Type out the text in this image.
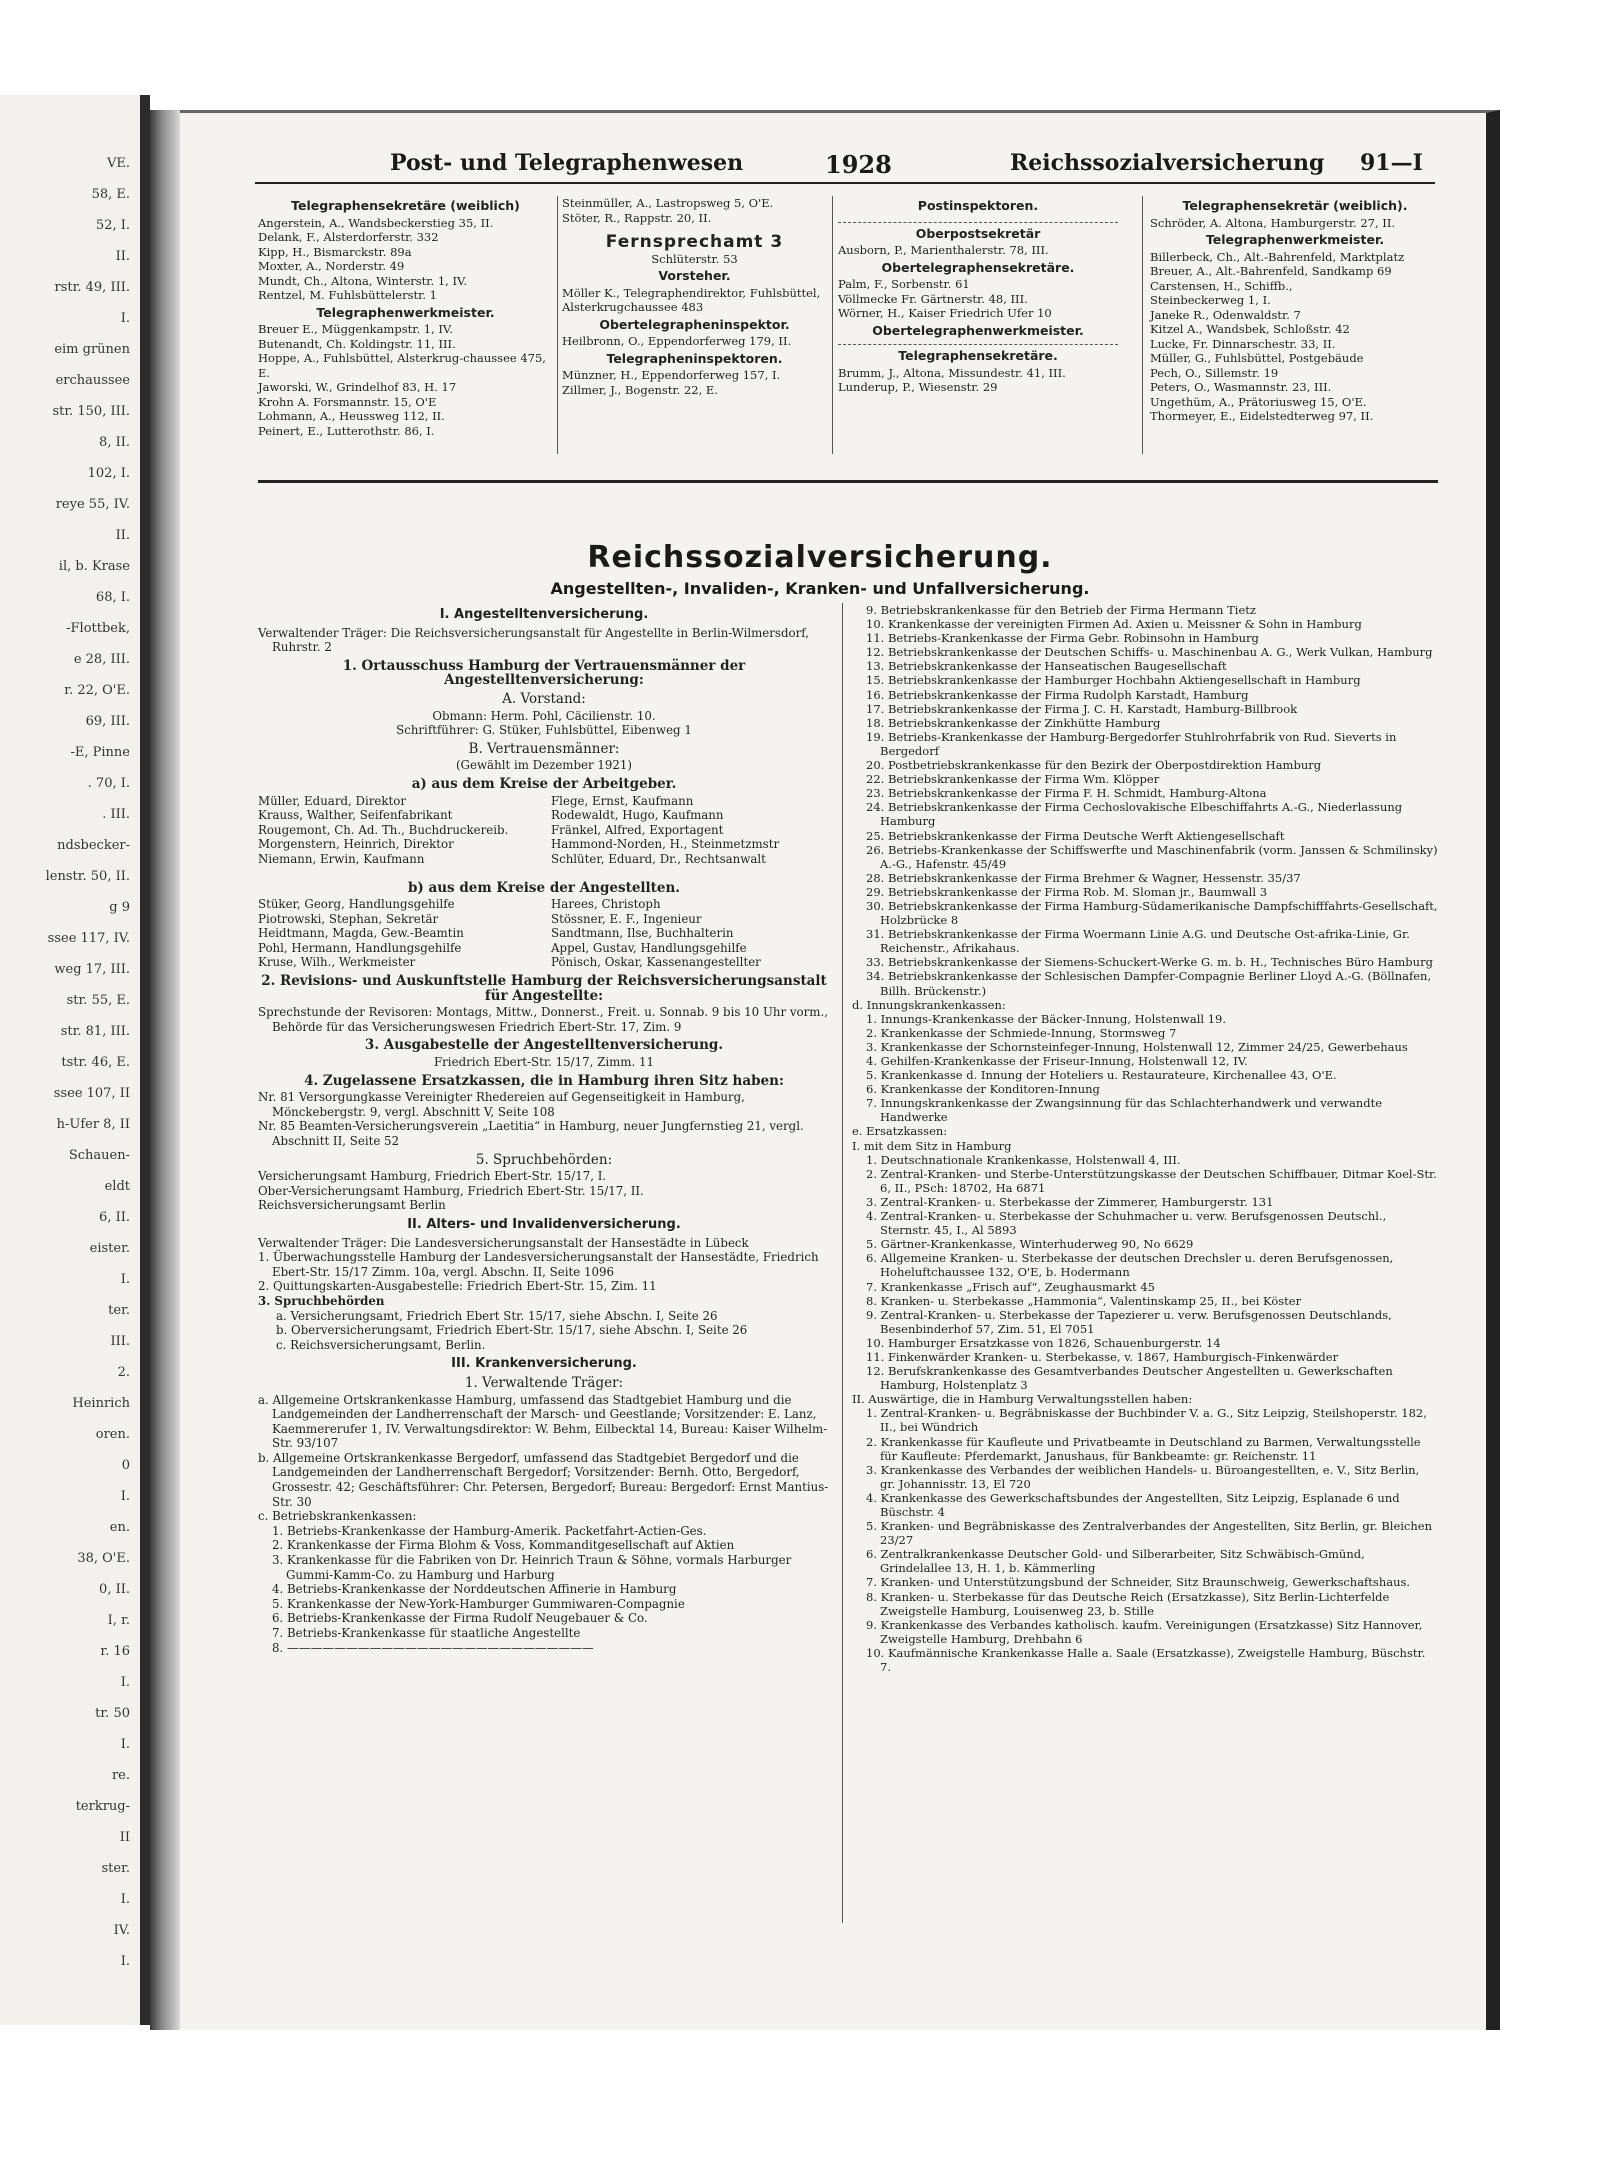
VE.
58, E.
52, I.
II.
rstr. 49, III.
I.
eim grünen
erchaussee
str. 150, III.
8, II.
102, I.
reye 55, IV.
II.
il, b. Krase
68, I.
-Flottbek,
e 28, III.
r. 22, O'E.
69, III.
-E, Pinne
. 70, I.
. III.
ndsbecker-
lenstr. 50, II.
g 9
ssee 117, IV.
weg 17, III.
str. 55, E.
str. 81, III.
tstr. 46, E.
ssee 107, II
h-Ufer 8, II
Schauen-
eldt
6, II.
eister.
I.
ter.
III.
2.
Heinrich
oren.
0
I.
en.
38, O'E.
0, II.
I, r.
r. 16
I.
tr. 50
I.
re.
terkrug-
II
ster.
I.
IV.
I.
Post- und Telegraphenwesen	1928	Reichssozialversicherung 91—I
Telegraphensekretäre (weiblich)
Angerstein, A., Wandsbeckerstieg 35, II.
Delank, F., Alsterdorferstr. 332
Kipp, H., Bismarckstr. 89a
Moxter, A., Norderstr. 49
Mundt, Ch., Altona, Winterstr. 1, IV.
Rentzel, M. Fuhlsbüttelerstr. 1
Telegraphenwerkmeister.
Breuer E., Müggenkampstr. 1, IV.
Butenandt, Ch. Koldingstr. 11, III.
Hoppe, A., Fuhlsbüttel, Alsterkrug-chaussee 475, E.
Jaworski, W., Grindelhof 83, H. 17
Krohn A. Forsmannstr. 15, O'E
Lohmann, A., Heussweg 112, II.
Peinert, E., Lutterothstr. 86, I.
Steinmüller, A., Lastropsweg 5, O'E.
Stöter, R., Rappstr. 20, II.
Fernsprechamt 3
Schlüterstr. 53
Vorsteher.
Möller K., Telegraphendirektor, Fuhlsbüttel, Alsterkrugchaussee 483
Obertelegrapheninspektor.
Heilbronn, O., Eppendorferweg 179, II.
Telegrapheninspektoren.
Münzner, H., Eppendorferweg 157, I.
Zillmer, J., Bogenstr. 22, E.
Postinspektoren.
Oberpostsekretär
Ausborn, P., Marienthalerstr. 78, III.
Obertelegraphensekretäre.
Palm, F., Sorbenstr. 61
Völlmecke Fr. Gärtnerstr. 48, III.
Wörner, H., Kaiser Friedrich Ufer 10
Obertelegraphenwerkmeister.
Telegraphensekretäre.
Brumm, J., Altona, Missundestr. 41, III.
Lunderup, P., Wiesenstr. 29
Telegraphensekretär (weiblich).
Schröder, A. Altona, Hamburgerstr. 27, II.
Telegraphenwerkmeister.
Billerbeck, Ch., Alt.-Bahrenfeld, Marktplatz
Breuer, A., Alt.-Bahrenfeld, Sandkamp 69
Carstensen, H., Schiffb.,
Steinbeckerweg 1, I.
Janeke R., Odenwaldstr. 7
Kitzel A., Wandsbek, Schloßstr. 42
Lucke, Fr. Dinnarschestr. 33, II.
Müller, G., Fuhlsbüttel, Postgebäude
Pech, O., Sillemstr. 19
Peters, O., Wasmannstr. 23, III.
Ungethüm, A., Prätoriusweg 15, O'E.
Thormeyer, E., Eidelstedterweg 97, II.
Reichssozialversicherung.
Angestellten-, Invaliden-, Kranken- und Unfallversicherung.
I. Angestelltenversicherung.
Verwaltender Träger: Die Reichsversicherungsanstalt für Angestellte in Berlin-Wilmersdorf, Ruhrstr. 2
1. Ortausschuss Hamburg der Vertrauensmänner der Angestelltenversicherung:
A. Vorstand:
Obmann: Herm. Pohl, Cäcilienstr. 10.
Schriftführer: G. Stüker, Fuhlsbüttel, Eibenweg 1
B. Vertrauensmänner:
(Gewählt im Dezember 1921)
a) aus dem Kreise der Arbeitgeber.
Müller, Eduard, Direktor
Krauss, Walther, Seifenfabrikant
Rougemont, Ch. Ad. Th., Buchdruckereib.
Morgenstern, Heinrich, Direktor
Niemann, Erwin, Kaufmann
Flege, Ernst, Kaufmann
Rodewaldt, Hugo, Kaufmann
Fränkel, Alfred, Exportagent
Hammond-Norden, H., Steinmetzmstr
Schlüter, Eduard, Dr., Rechtsanwalt
b) aus dem Kreise der Angestellten.
Stüker, Georg, Handlungsgehilfe
Piotrowski, Stephan, Sekretär
Heidtmann, Magda, Gew.-Beamtin
Pohl, Hermann, Handlungsgehilfe
Kruse, Wilh., Werkmeister
Harees, Christoph
Stössner, E. F., Ingenieur
Sandtmann, Ilse, Buchhalterin
Appel, Gustav, Handlungsgehilfe
Pönisch, Oskar, Kassenangestellter
2. Revisions- und Auskunftstelle Hamburg der Reichsversicherungsanstalt für Angestellte:
Sprechstunde der Revisoren: Montags, Mittw., Donnerst., Freit. u. Sonnab. 9 bis 10 Uhr vorm., Behörde für das Versicherungswesen Friedrich Ebert-Str. 17, Zim. 9
3. Ausgabestelle der Angestelltenversicherung.
Friedrich Ebert-Str. 15/17, Zimm. 11
4. Zugelassene Ersatzkassen, die in Hamburg ihren Sitz haben:
Nr. 81 Versorgungkasse Vereinigter Rhedereien auf Gegenseitigkeit in Hamburg, Mönckebergstr. 9, vergl. Abschnitt V, Seite 108
Nr. 85 Beamten-Versicherungsverein „Laetitia“ in Hamburg, neuer Jungfernstieg 21, vergl. Abschnitt II, Seite 52
5. Spruchbehörden:
Versicherungsamt Hamburg, Friedrich Ebert-Str. 15/17, I.
Ober-Versicherungsamt Hamburg, Friedrich Ebert-Str. 15/17, II.
Reichsversicherungsamt Berlin
II. Alters- und Invalidenversicherung.
Verwaltender Träger: Die Landesversicherungsanstalt der Hansestädte in Lübeck
1. Überwachungsstelle Hamburg der Landesversicherungsanstalt der Hansestädte, Friedrich Ebert-Str. 15/17 Zimm. 10a, vergl. Abschn. II, Seite 1096
2. Quittungskarten-Ausgabestelle: Friedrich Ebert-Str. 15, Zim. 11
3. Spruchbehörden
a. Versicherungsamt, Friedrich Ebert Str. 15/17, siehe Abschn. I, Seite 26
b. Oberversicherungsamt, Friedrich Ebert-Str. 15/17, siehe Abschn. I, Seite 26
c. Reichsversicherungsamt, Berlin.
III. Krankenversicherung.
1. Verwaltende Träger:
a. Allgemeine Ortskrankenkasse Hamburg, umfassend das Stadtgebiet Hamburg und die Landgemeinden der Landherrenschaft der Marsch- und Geestlande; Vorsitzender: E. Lanz, Kaemmererufer 1, IV. Verwaltungsdirektor: W. Behm, Eilbecktal 14, Bureau: Kaiser Wilhelm-Str. 93/107
b. Allgemeine Ortskrankenkasse Bergedorf, umfassend das Stadtgebiet Bergedorf und die Landgemeinden der Landherrenschaft Bergedorf; Vorsitzender: Bernh. Otto, Bergedorf, Grossestr. 42; Geschäftsführer: Chr. Petersen, Bergedorf; Bureau: Bergedorf: Ernst Mantius-Str. 30
c. Betriebskrankenkassen:
1. Betriebs-Krankenkasse der Hamburg-Amerik. Packetfahrt-Actien-Ges.
2. Krankenkasse der Firma Blohm & Voss, Kommanditgesellschaft auf Aktien
3. Krankenkasse für die Fabriken von Dr. Heinrich Traun & Söhne, vormals Harburger Gummi-Kamm-Co. zu Hamburg und Harburg
4. Betriebs-Krankenkasse der Norddeutschen Affinerie in Hamburg
5. Krankenkasse der New-York-Hamburger Gummiwaren-Compagnie
6. Betriebs-Krankenkasse der Firma Rudolf Neugebauer & Co.
7. Betriebs-Krankenkasse für staatliche Angestellte
8. ——————————————————————————
9. Betriebskrankenkasse für den Betrieb der Firma Hermann Tietz
10. Krankenkasse der vereinigten Firmen Ad. Axien u. Meissner & Sohn in Hamburg
11. Betriebs-Krankenkasse der Firma Gebr. Robinsohn in Hamburg
12. Betriebskrankenkasse der Deutschen Schiffs- u. Maschinenbau A. G., Werk Vulkan, Hamburg
13. Betriebskrankenkasse der Hanseatischen Baugesellschaft
15. Betriebskrankenkasse der Hamburger Hochbahn Aktiengesellschaft in Hamburg
16. Betriebskrankenkasse der Firma Rudolph Karstadt, Hamburg
17. Betriebskrankenkasse der Firma J. C. H. Karstadt, Hamburg-Billbrook
18. Betriebskrankenkasse der Zinkhütte Hamburg
19. Betriebs-Krankenkasse der Hamburg-Bergedorfer Stuhlrohrfabrik von Rud. Sieverts in Bergedorf
20. Postbetriebskrankenkasse für den Bezirk der Oberpostdirektion Hamburg
22. Betriebskrankenkasse der Firma Wm. Klöpper
23. Betriebskrankenkasse der Firma F. H. Schmidt, Hamburg-Altona
24. Betriebskrankenkasse der Firma Cechoslovakische Elbeschiffahrts A.-G., Niederlassung Hamburg
25. Betriebskrankenkasse der Firma Deutsche Werft Aktiengesellschaft
26. Betriebs-Krankenkasse der Schiffswerfte und Maschinenfabrik (vorm. Janssen & Schmilinsky) A.-G., Hafenstr. 45/49
28. Betriebskrankenkasse der Firma Brehmer & Wagner, Hessenstr. 35/37
29. Betriebskrankenkasse der Firma Rob. M. Sloman jr., Baumwall 3
30. Betriebskrankenkasse der Firma Hamburg-Südamerikanische Dampfschifffahrts-Gesellschaft, Holzbrücke 8
31. Betriebskrankenkasse der Firma Woermann Linie A.G. und Deutsche Ost-afrika-Linie, Gr. Reichenstr., Afrikahaus.
33. Betriebskrankenkasse der Siemens-Schuckert-Werke G. m. b. H., Technisches Büro Hamburg
34. Betriebskrankenkasse der Schlesischen Dampfer-Compagnie Berliner Lloyd A.-G. (Böllnafen, Billh. Brückenstr.)
d. Innungskrankenkassen:
1. Innungs-Krankenkasse der Bäcker-Innung, Holstenwall 19.
2. Krankenkasse der Schmiede-Innung, Stormsweg 7
3. Krankenkasse der Schornsteinfeger-Innung, Holstenwall 12, Zimmer 24/25, Gewerbehaus
4. Gehilfen-Krankenkasse der Friseur-Innung, Holstenwall 12, IV.
5. Krankenkasse d. Innung der Hoteliers u. Restaurateure, Kirchenallee 43, O'E.
6. Krankenkasse der Konditoren-Innung
7. Innungskrankenkasse der Zwangsinnung für das Schlachterhandwerk und verwandte Handwerke
e. Ersatzkassen:
I. mit dem Sitz in Hamburg
1. Deutschnationale Krankenkasse, Holstenwall 4, III.
2. Zentral-Kranken- und Sterbe-Unterstützungskasse der Deutschen Schiffbauer, Ditmar Koel-Str. 6, II., PSch: 18702, Ha 6871
3. Zentral-Kranken- u. Sterbekasse der Zimmerer, Hamburgerstr. 131
4. Zentral-Kranken- u. Sterbekasse der Schuhmacher u. verw. Berufsgenossen Deutschl., Sternstr. 45, I., Al 5893
5. Gärtner-Krankenkasse, Winterhuderweg 90, No 6629
6. Allgemeine Kranken- u. Sterbekasse der deutschen Drechsler u. deren Berufsgenossen, Hoheluftchaussee 132, O'E, b. Hodermann
7. Krankenkasse „Frisch auf“, Zeughausmarkt 45
8. Kranken- u. Sterbekasse „Hammonia“, Valentinskamp 25, II., bei Köster
9. Zentral-Kranken- u. Sterbekasse der Tapezierer u. verw. Berufsgenossen Deutschlands, Besenbinderhof 57, Zim. 51, El 7051
10. Hamburger Ersatzkasse von 1826, Schauenburgerstr. 14
11. Finkenwärder Kranken- u. Sterbekasse, v. 1867, Hamburgisch-Finkenwärder
12. Berufskrankenkasse des Gesamtverbandes Deutscher Angestellten u. Gewerkschaften Hamburg, Holstenplatz 3
II. Auswärtige, die in Hamburg Verwaltungsstellen haben:
1. Zentral-Kranken- u. Begräbniskasse der Buchbinder V. a. G., Sitz Leipzig, Steilshoperstr. 182, II., bei Wündrich
2. Krankenkasse für Kaufleute und Privatbeamte in Deutschland zu Barmen, Verwaltungsstelle für Kaufleute: Pferdemarkt, Janushaus, für Bankbeamte: gr. Reichenstr. 11
3. Krankenkasse des Verbandes der weiblichen Handels- u. Büroangestellten, e. V., Sitz Berlin, gr. Johannisstr. 13, El 720
4. Krankenkasse des Gewerkschaftsbundes der Angestellten, Sitz Leipzig, Esplanade 6 und Büschstr. 4
5. Kranken- und Begräbniskasse des Zentralverbandes der Angestellten, Sitz Berlin, gr. Bleichen 23/27
6. Zentralkrankenkasse Deutscher Gold- und Silberarbeiter, Sitz Schwäbisch-Gmünd, Grindelallee 13, H. 1, b. Kämmerling
7. Kranken- und Unterstützungsbund der Schneider, Sitz Braunschweig, Gewerkschaftshaus.
8. Kranken- u. Sterbekasse für das Deutsche Reich (Ersatzkasse), Sitz Berlin-Lichterfelde Zweigstelle Hamburg, Louisenweg 23, b. Stille
9. Krankenkasse des Verbandes katholisch. kaufm. Vereinigungen (Ersatzkasse) Sitz Hannover, Zweigstelle Hamburg, Drehbahn 6
10. Kaufmännische Krankenkasse Halle a. Saale (Ersatzkasse), Zweigstelle Hamburg, Büschstr. 7.
